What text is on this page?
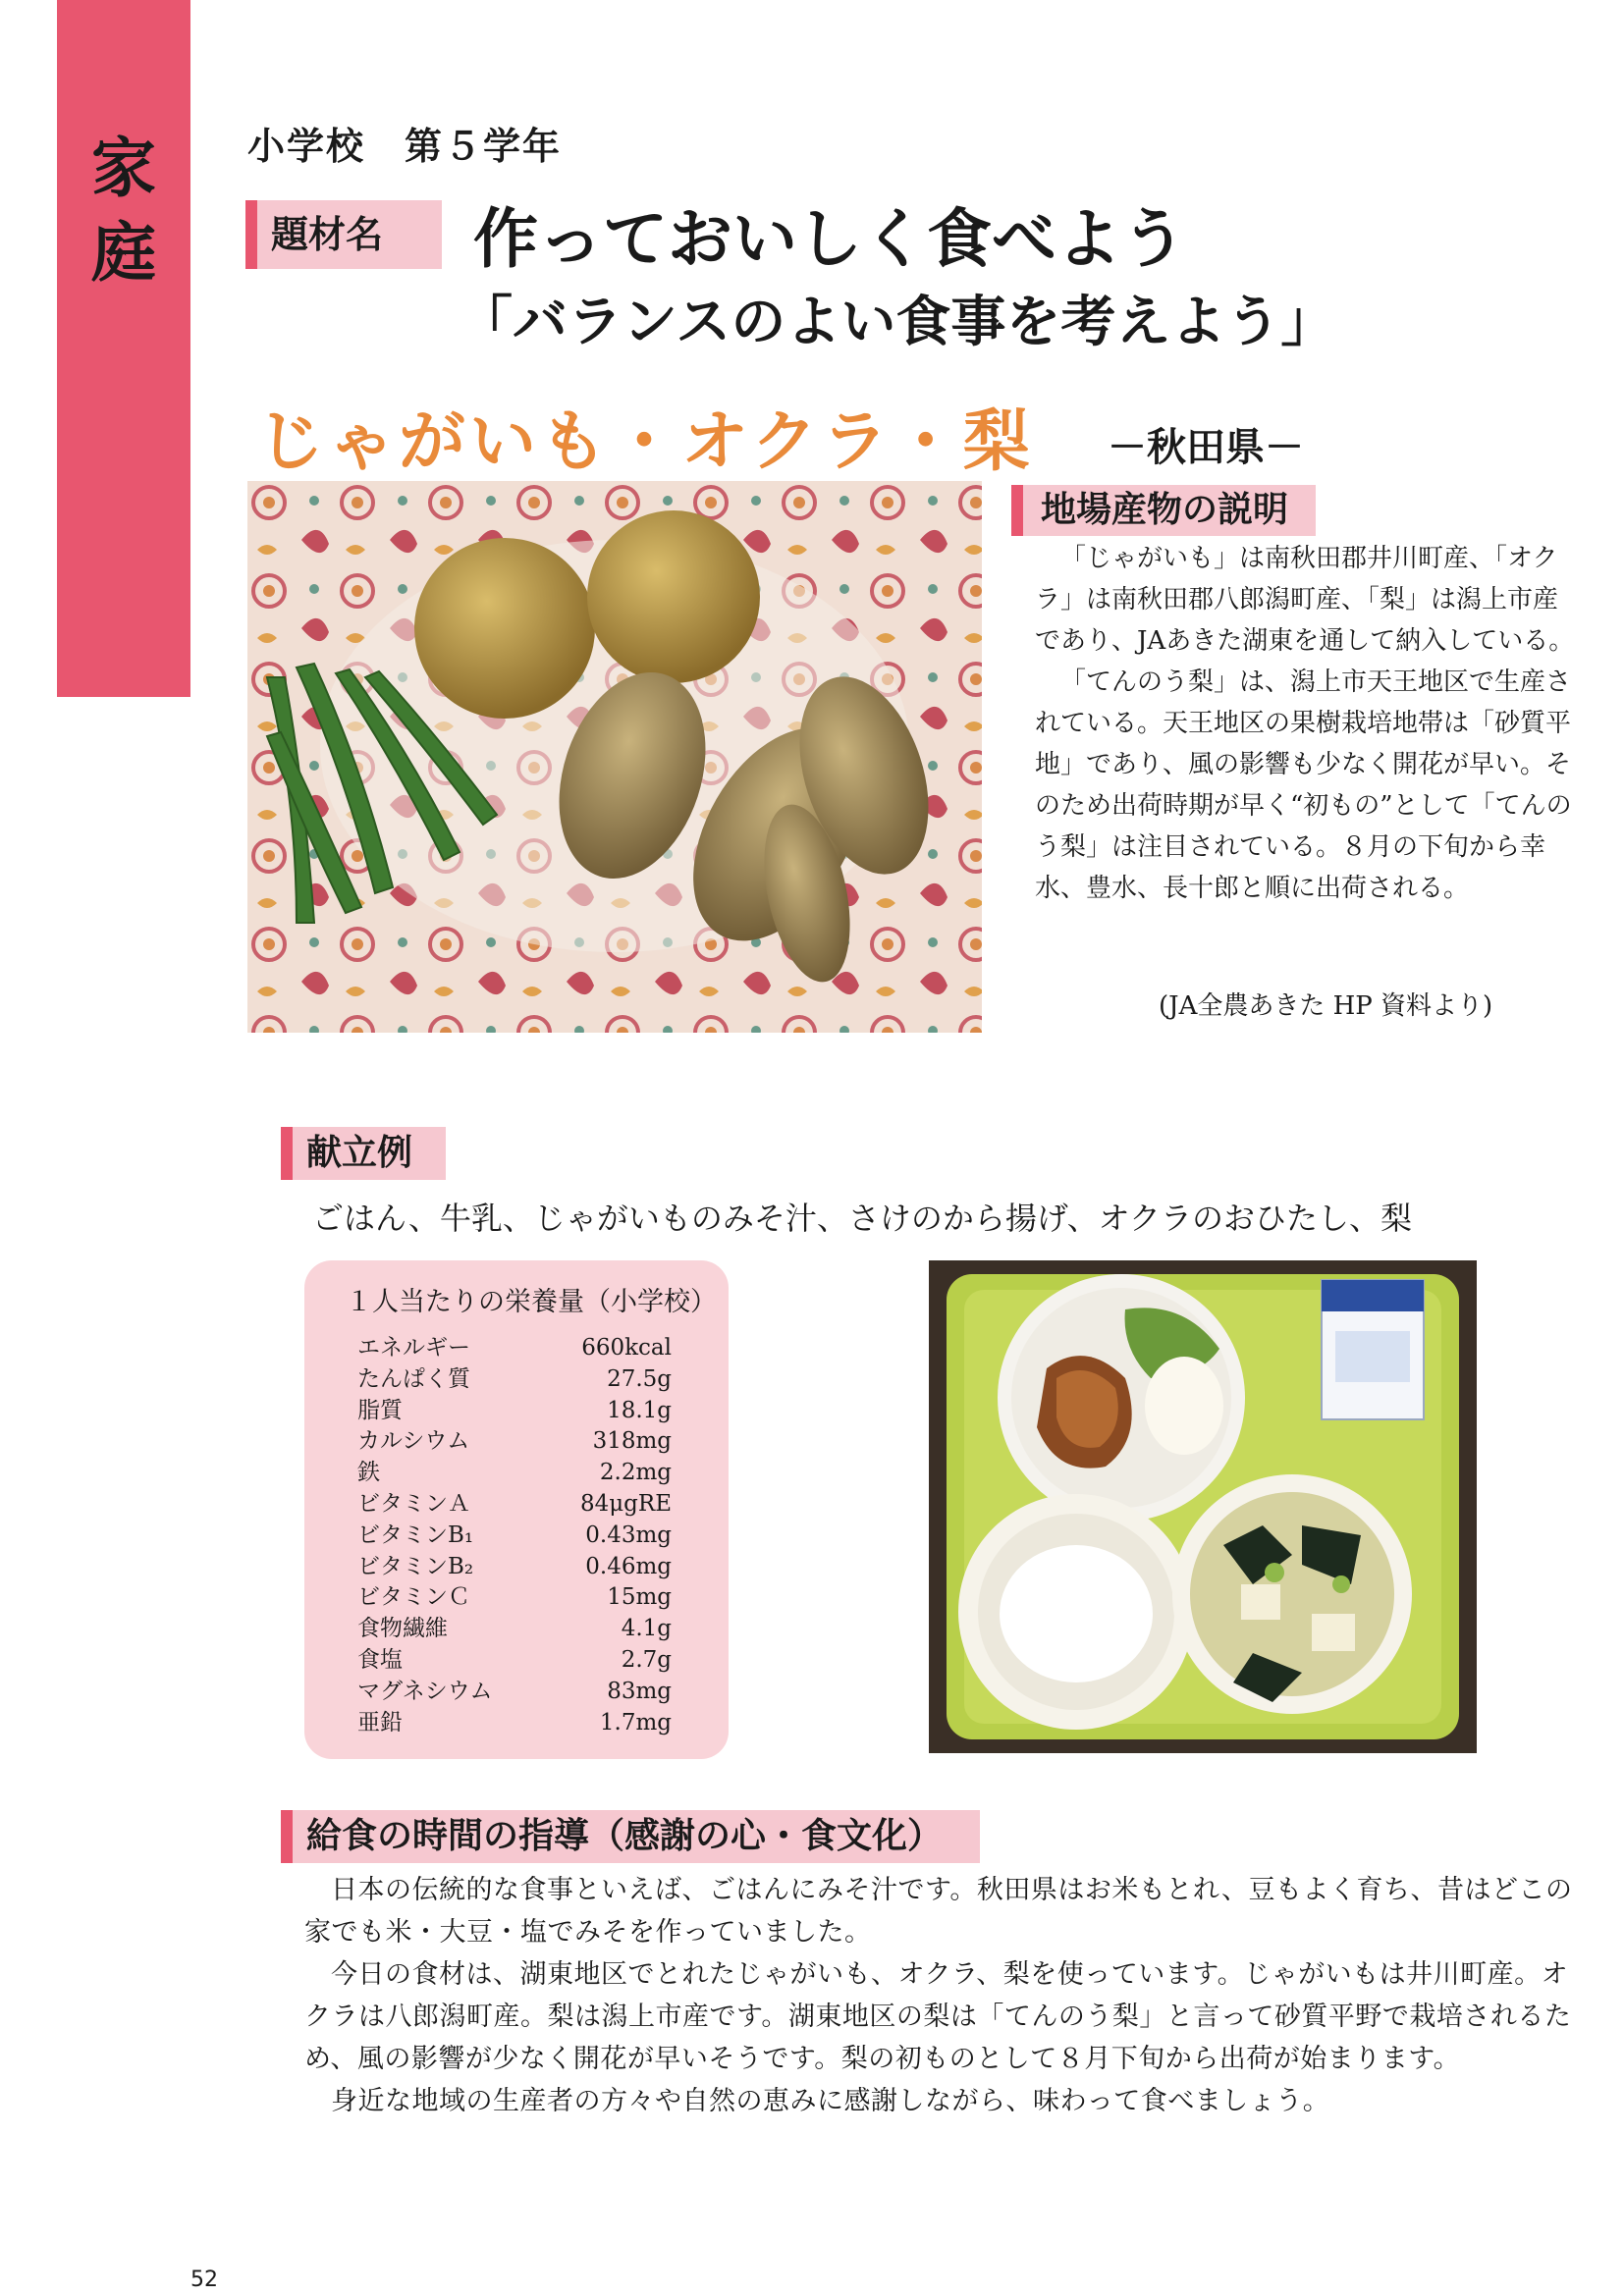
家
庭
小学校　第５学年
題材名	作っておいしく食べよう
「バランスのよい食事を考えよう」
じゃがいも・オクラ・梨 －秋田県－
地場産物の説明

「じゃがいも」は南秋田郡井川町産、「オクラ」は南秋田郡八郎潟町産、「梨」は潟上市産であり、JAあきた湖東を通して納入している。

「てんのう梨」は、潟上市天王地区で生産されている。天王地区の果樹栽培地帯は「砂質平地」であり、風の影響も少なく開花が早い。そのため出荷時期が早く“初もの”として「てんのう梨」は注目されている。８月の下旬から幸水、豊水、長十郎と順に出荷される。

(JA全農あきた HP 資料より)
献立例
ごはん、牛乳、じゃがいものみそ汁、さけのから揚げ、オクラのおひたし、梨
１人当たりの栄養量（小学校）
エネルギー	660kcal
たんぱく質	27.5g
脂質	18.1g
カルシウム	318mg
鉄	2.2mg
ビタミンＡ	84μgRE
ビタミンB₁	0.43mg
ビタミンB₂	0.46mg
ビタミンＣ	15mg
食物繊維	4.1g
食塩	2.7g
マグネシウム	83mg
亜鉛	1.7mg
給食の時間の指導（感謝の心・食文化）

日本の伝統的な食事といえば、ごはんにみそ汁です。秋田県はお米もとれ、豆もよく育ち、昔はどこの家でも米・大豆・塩でみそを作っていました。

今日の食材は、湖東地区でとれたじゃがいも、オクラ、梨を使っています。じゃがいもは井川町産。オクラは八郎潟町産。梨は潟上市産です。湖東地区の梨は「てんのう梨」と言って砂質平野で栽培されるため、風の影響が少なく開花が早いそうです。梨の初ものとして８月下旬から出荷が始まります。

身近な地域の生産者の方々や自然の恵みに感謝しながら、味わって食べましょう。

52
